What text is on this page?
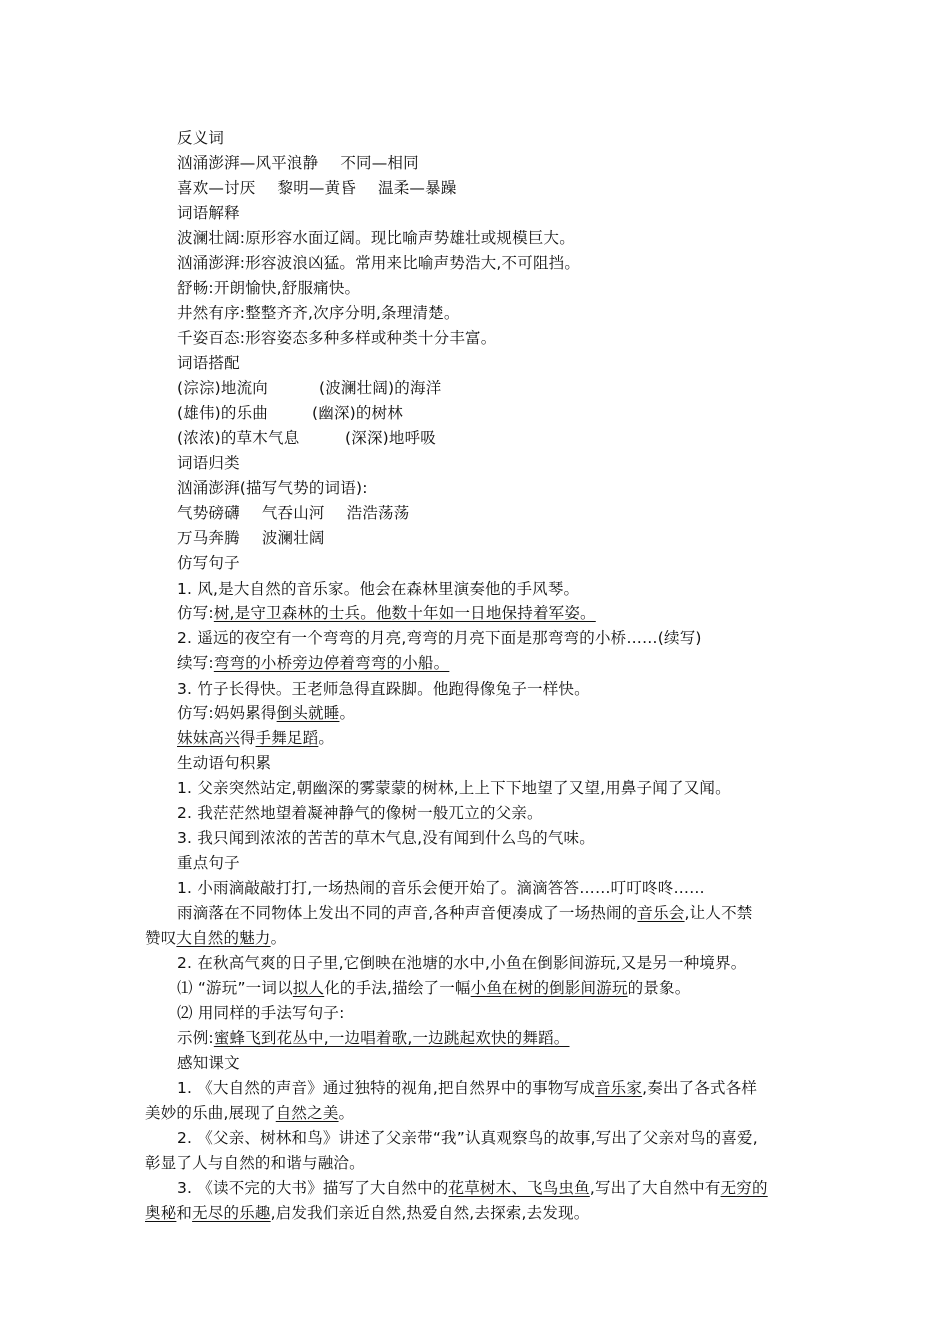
反义词
汹涌澎湃—风平浪静 不同—相同
喜欢—讨厌 黎明—黄昏 温柔—暴躁
词语解释
波澜壮阔:原形容水面辽阔。现比喻声势雄壮或规模巨大。
汹涌澎湃:形容波浪凶猛。常用来比喻声势浩大,不可阻挡。
舒畅:开朗愉快,舒服痛快。
井然有序:整整齐齐,次序分明,条理清楚。
千姿百态:形容姿态多种多样或种类十分丰富。
词语搭配
(淙淙)地流向	(波澜壮阔)的海洋
(雄伟)的乐曲	(幽深)的树林
(浓浓)的草木气息	(深深)地呼吸
词语归类
汹涌澎湃(描写气势的词语):
气势磅礴 气吞山河 浩浩荡荡
万马奔腾 波澜壮阔
仿写句子
1. 风,是大自然的音乐家。他会在森林里演奏他的手风琴。
仿写:树,是守卫森林的士兵。他数十年如一日地保持着军姿。
2. 遥远的夜空有一个弯弯的月亮,弯弯的月亮下面是那弯弯的小桥……(续写)
续写:弯弯的小桥旁边停着弯弯的小船。
3. 竹子长得快。王老师急得直跺脚。他跑得像兔子一样快。
仿写:妈妈累得倒头就睡。
妹妹高兴得手舞足蹈。
生动语句积累
1. 父亲突然站定,朝幽深的雾蒙蒙的树林,上上下下地望了又望,用鼻子闻了又闻。
2. 我茫茫然地望着凝神静气的像树一般兀立的父亲。
3. 我只闻到浓浓的苦苦的草木气息,没有闻到什么鸟的气味。
重点句子
1. 小雨滴敲敲打打,一场热闹的音乐会便开始了。滴滴答答……叮叮咚咚……
雨滴落在不同物体上发出不同的声音,各种声音便凑成了一场热闹的音乐会,让人不禁
赞叹大自然的魅力。
2. 在秋高气爽的日子里,它倒映在池塘的水中,小鱼在倒影间游玩,又是另一种境界。
⑴ “游玩”一词以拟人化的手法,描绘了一幅小鱼在树的倒影间游玩的景象。
⑵ 用同样的手法写句子:
示例:蜜蜂飞到花丛中,一边唱着歌,一边跳起欢快的舞蹈。
感知课文
1. 《大自然的声音》通过独特的视角,把自然界中的事物写成音乐家,奏出了各式各样
美妙的乐曲,展现了自然之美。
2. 《父亲、树林和鸟》讲述了父亲带“我”认真观察鸟的故事,写出了父亲对鸟的喜爱,
彰显了人与自然的和谐与融洽。
3. 《读不完的大书》描写了大自然中的花草树木、飞鸟虫鱼,写出了大自然中有无穷的
奥秘和无尽的乐趣,启发我们亲近自然,热爱自然,去探索,去发现。
